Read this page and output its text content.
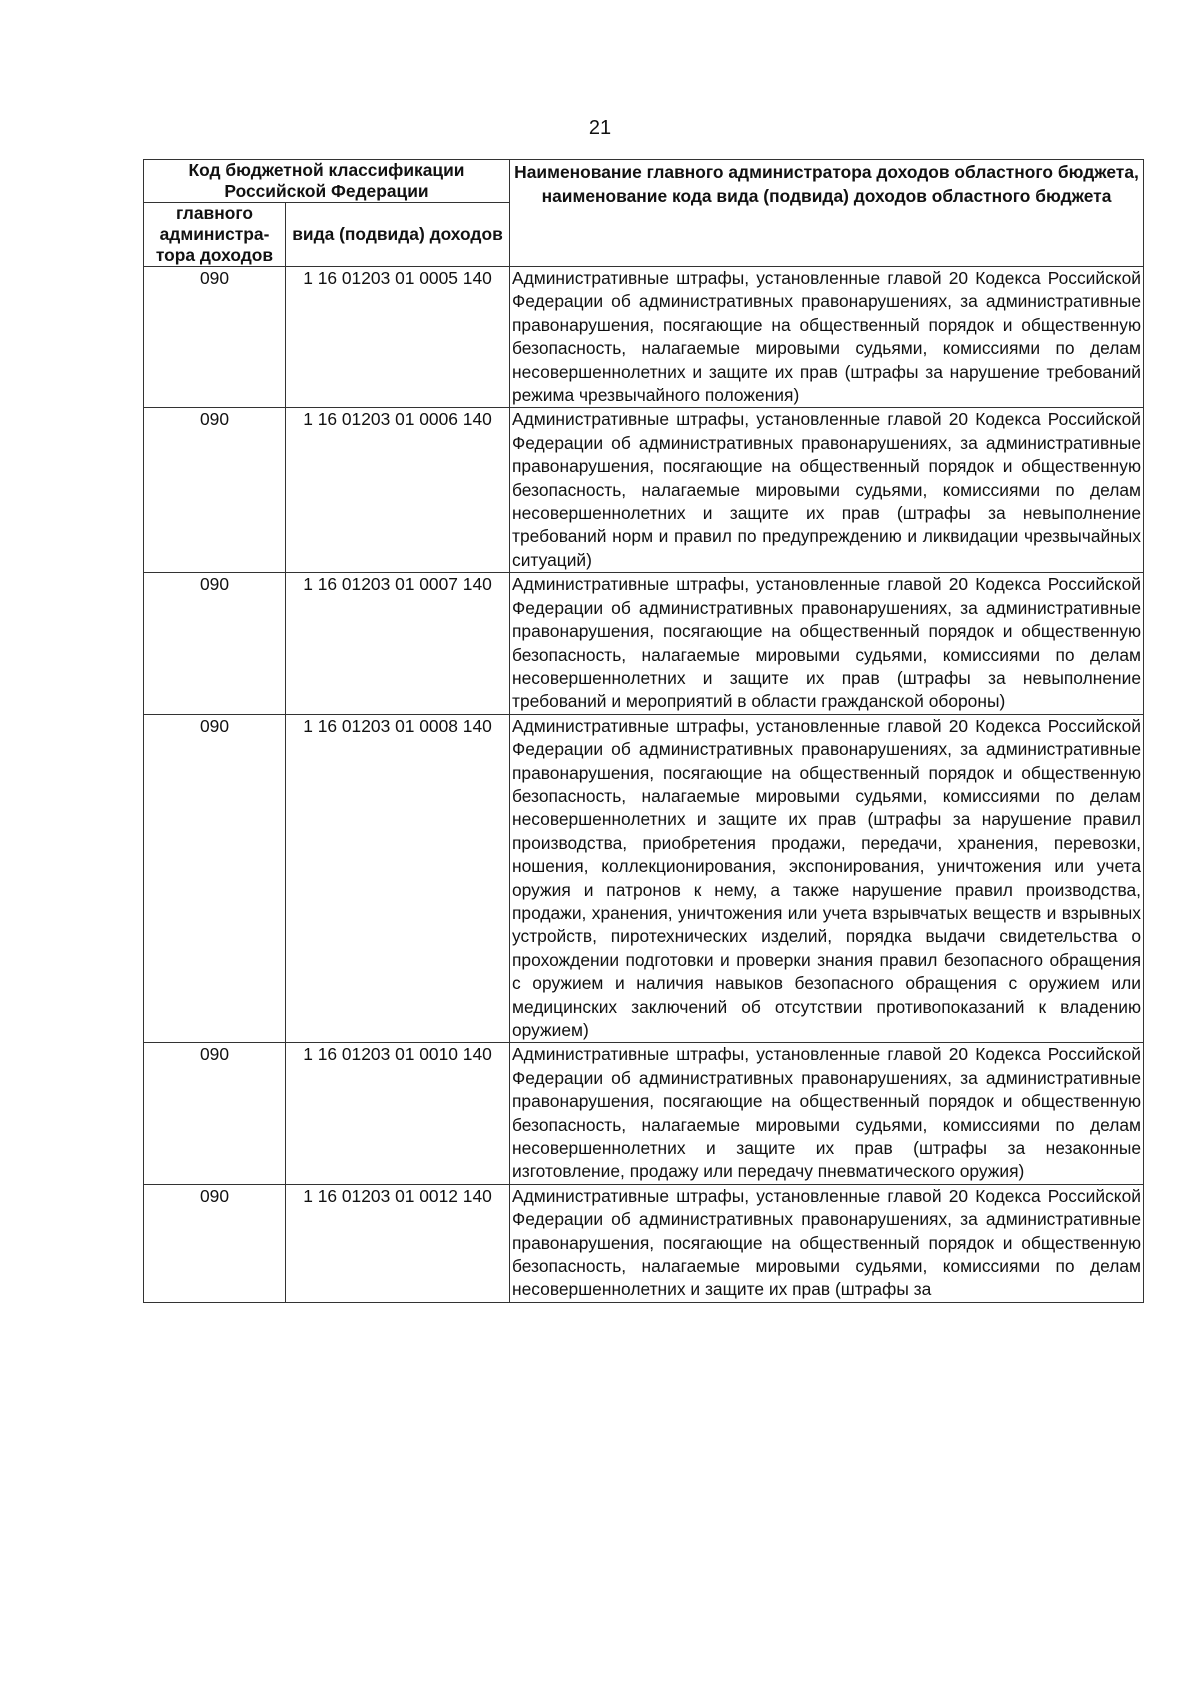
21
Код бюджетной классификации Российской Федерации		Наименование главного администратора доходов областного бюджета, наименование кода вида (подвида) доходов областного бюджета
главного администра-тора доходов	вида (подвида) доходов	
090	1 16 01203 01 0005 140	Административные штрафы, установленные главой 20 Кодекса Российской Федерации об административных правонарушениях, за административные правонарушения, посягающие на общественный порядок и общественную безопасность, налагаемые мировыми судьями, комиссиями по делам несовершеннолетних и защите их прав (штрафы за нарушение требований режима чрезвычайного положения)
090	1 16 01203 01 0006 140	Административные штрафы, установленные главой 20 Кодекса Российской Федерации об административных правонарушениях, за административные правонарушения, посягающие на общественный порядок и общественную безопасность, налагаемые мировыми судьями, комиссиями по делам несовершеннолетних и защите их прав (штрафы за невыполнение требований норм и правил по предупреждению и ликвидации чрезвычайных ситуаций)
090	1 16 01203 01 0007 140	Административные штрафы, установленные главой 20 Кодекса Российской Федерации об административных правонарушениях, за административные правонарушения, посягающие на общественный порядок и общественную безопасность, налагаемые мировыми судьями, комиссиями по делам несовершеннолетних и защите их прав (штрафы за невыполнение требований и мероприятий в области гражданской обороны)
090	1 16 01203 01 0008 140	Административные штрафы, установленные главой 20 Кодекса Российской Федерации об административных правонарушениях, за административные правонарушения, посягающие на общественный порядок и общественную безопасность, налагаемые мировыми судьями, комиссиями по делам несовершеннолетних и защите их прав (штрафы за нарушение правил производства, приобретения продажи, передачи, хранения, перевозки, ношения, коллекционирования, экспонирования, уничтожения или учета оружия и патронов к нему, а также нарушение правил производства, продажи, хранения, уничтожения или учета взрывчатых веществ и взрывных устройств, пиротехнических изделий, порядка выдачи свидетельства о прохождении подготовки и проверки знания правил безопасного обращения с оружием и наличия навыков безопасного обращения с оружием или медицинских заключений об отсутствии противопоказаний к владению оружием)
090	1 16 01203 01 0010 140	Административные штрафы, установленные главой 20 Кодекса Российской Федерации об административных правонарушениях, за административные правонарушения, посягающие на общественный порядок и общественную безопасность, налагаемые мировыми судьями, комиссиями по делам несовершеннолетних и защите их прав (штрафы за незаконные изготовление, продажу или передачу пневматического оружия)
090	1 16 01203 01 0012 140	Административные штрафы, установленные главой 20 Кодекса Российской Федерации об административных правонарушениях, за административные правонарушения, посягающие на общественный порядок и общественную безопасность, налагаемые мировыми судьями, комиссиями по делам несовершеннолетних и защите их прав (штрафы за
